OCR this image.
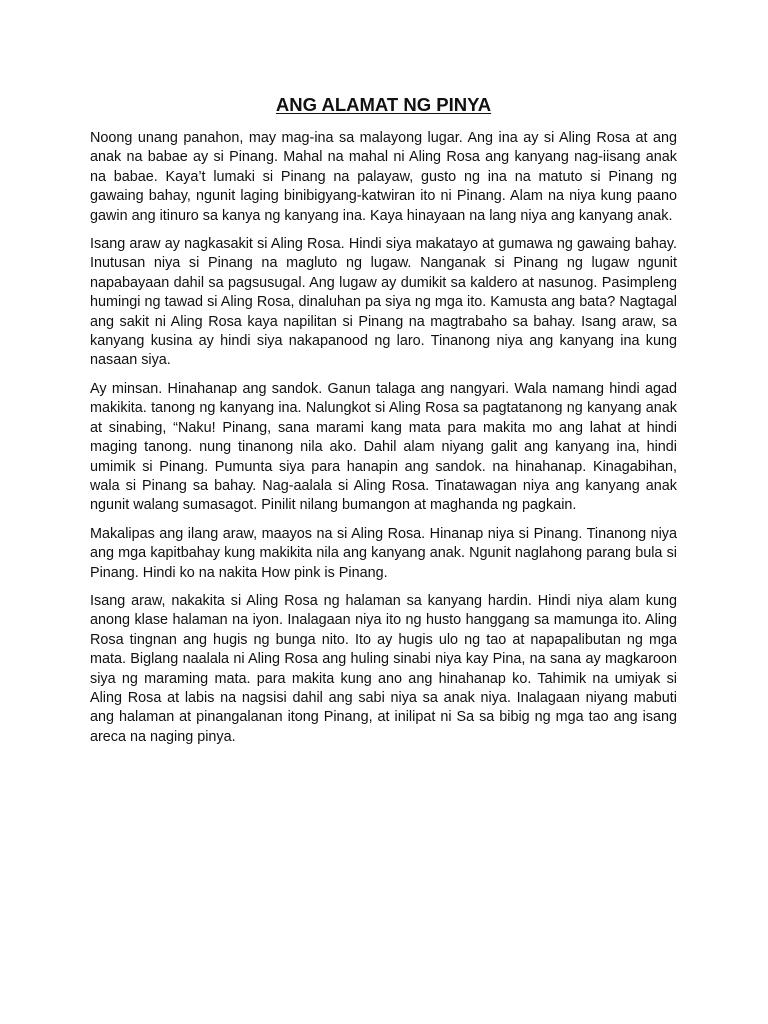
ANG ALAMAT NG PINYA

Noong unang panahon, may mag-ina sa malayong lugar. Ang ina ay si Aling Rosa at ang anak na babae ay si Pinang. Mahal na mahal ni Aling Rosa ang kanyang nag-iisang anak na babae. Kaya’t lumaki si Pinang na palayaw, gusto ng ina na matuto si Pinang ng gawaing bahay, ngunit laging binibigyang-katwiran ito ni Pinang. Alam na niya kung paano gawin ang itinuro sa kanya ng kanyang ina. Kaya hinayaan na lang niya ang kanyang anak.

Isang araw ay nagkasakit si Aling Rosa. Hindi siya makatayo at gumawa ng gawaing bahay. Inutusan niya si Pinang na magluto ng lugaw. Nanganak si Pinang ng lugaw ngunit napabayaan dahil sa pagsusugal. Ang lugaw ay dumikit sa kaldero at nasunog. Pasimpleng humingi ng tawad si Aling Rosa, dinaluhan pa siya ng mga ito. Kamusta ang bata? Nagtagal ang sakit ni Aling Rosa kaya napilitan si Pinang na magtrabaho sa bahay. Isang araw, sa kanyang kusina ay hindi siya nakapanood ng laro. Tinanong niya ang kanyang ina kung nasaan siya.

Ay minsan. Hinahanap ang sandok. Ganun talaga ang nangyari. Wala namang hindi agad makikita. tanong ng kanyang ina. Nalungkot si Aling Rosa sa pagtatanong ng kanyang anak at sinabing, “Naku! Pinang, sana marami kang mata para makita mo ang lahat at hindi maging tanong. nung tinanong nila ako. Dahil alam niyang galit ang kanyang ina, hindi umimik si Pinang. Pumunta siya para hanapin ang sandok. na hinahanap. Kinagabihan, wala si Pinang sa bahay. Nag-aalala si Aling Rosa. Tinatawagan niya ang kanyang anak ngunit walang sumasagot. Pinilit nilang bumangon at maghanda ng pagkain.

Makalipas ang ilang araw, maayos na si Aling Rosa. Hinanap niya si Pinang. Tinanong niya ang mga kapitbahay kung makikita nila ang kanyang anak. Ngunit naglahong parang bula si Pinang. Hindi ko na nakita How pink is Pinang.

Isang araw, nakakita si Aling Rosa ng halaman sa kanyang hardin. Hindi niya alam kung anong klase halaman na iyon. Inalagaan niya ito ng husto hanggang sa mamunga ito. Aling Rosa tingnan ang hugis ng bunga nito. Ito ay hugis ulo ng tao at napapalibutan ng mga mata. Biglang naalala ni Aling Rosa ang huling sinabi niya kay Pina, na sana ay magkaroon siya ng maraming mata. para makita kung ano ang hinahanap ko. Tahimik na umiyak si Aling Rosa at labis na nagsisi dahil ang sabi niya sa anak niya. Inalagaan niyang mabuti ang halaman at pinangalanan itong Pinang, at inilipat ni Sa sa bibig ng mga tao ang isang areca na naging pinya.
